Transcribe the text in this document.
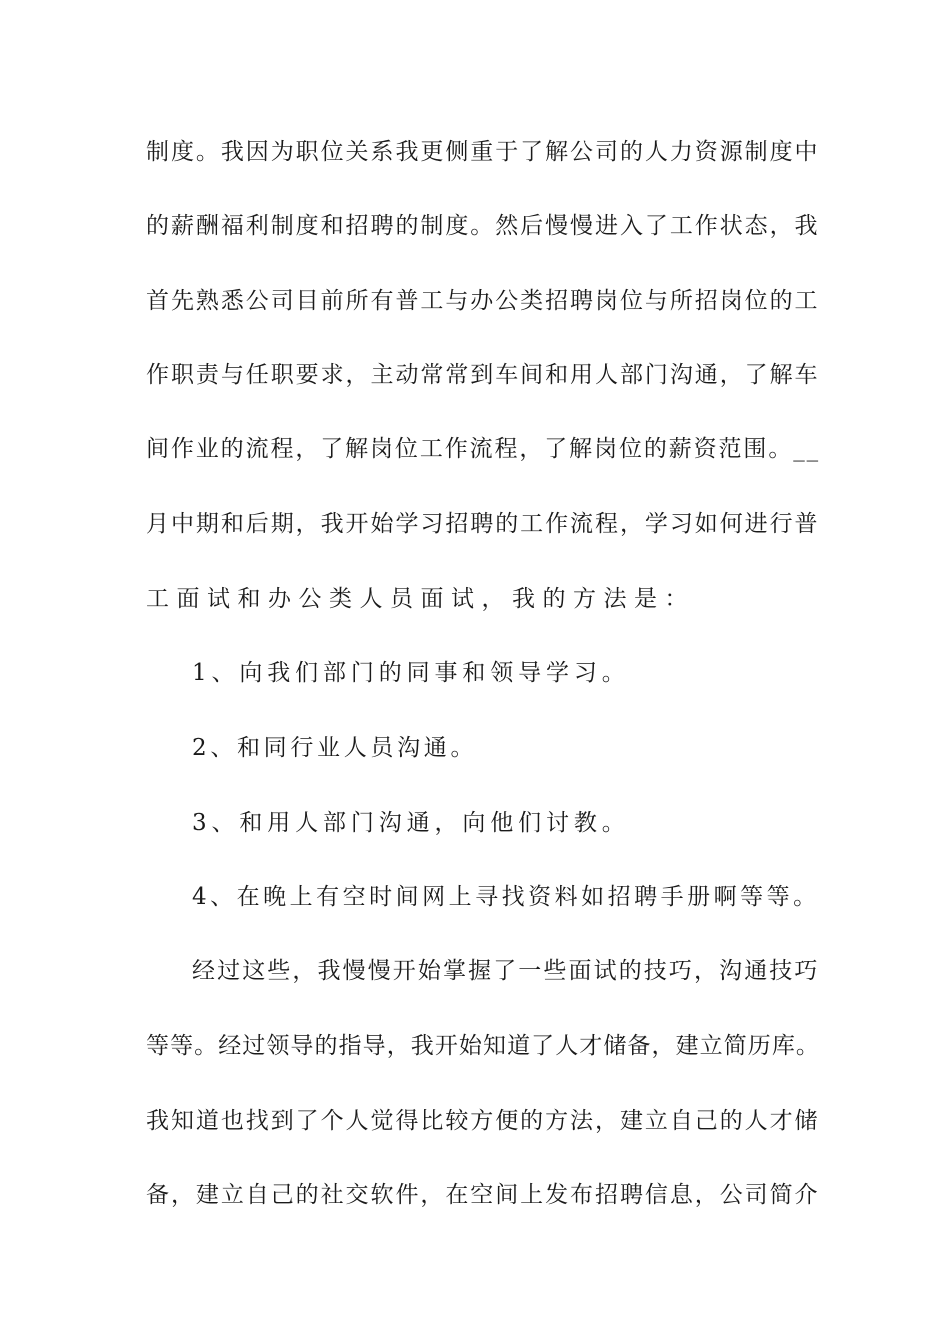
制度。我因为职位关系我更侧重于了解公司的人力资源制度中
的薪酬福利制度和招聘的制度。然后慢慢进入了工作状态，我
首先熟悉公司目前所有普工与办公类招聘岗位与所招岗位的工
作职责与任职要求，主动常常到车间和用人部门沟通，了解车
间作业的流程，了解岗位工作流程，了解岗位的薪资范围。__
月中期和后期，我开始学习招聘的工作流程，学习如何进行普
工面试和办公类人员面试，我的方法是：
1、向我们部门的同事和领导学习。
2、和同行业人员沟通。
3、和用人部门沟通，向他们讨教。
4、在晚上有空时间网上寻找资料如招聘手册啊等等。
经过这些，我慢慢开始掌握了一些面试的技巧，沟通技巧
等等。经过领导的指导，我开始知道了人才储备，建立简历库。
我知道也找到了个人觉得比较方便的方法，建立自己的人才储
备，建立自己的社交软件，在空间上发布招聘信息，公司简介
